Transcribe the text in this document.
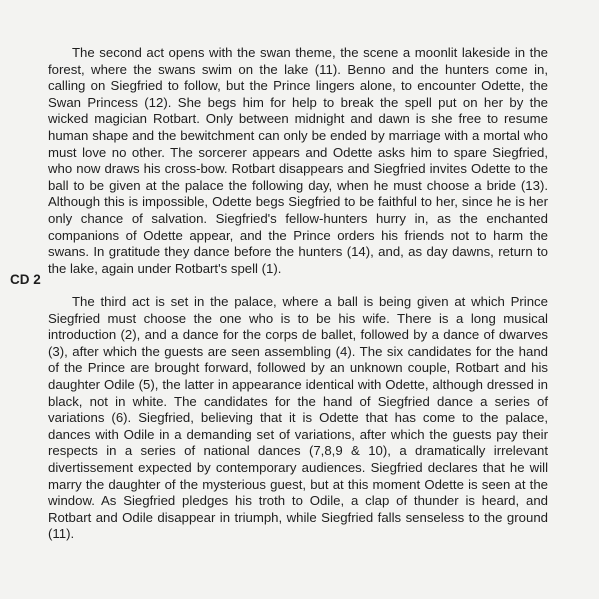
The second act opens with the swan theme, the scene a moonlit lakeside in the forest, where the swans swim on the lake (11). Benno and the hunters come in, calling on Siegfried to follow, but the Prince lingers alone, to encounter Odette, the Swan Princess (12). She begs him for help to break the spell put on her by the wicked magician Rotbart. Only between midnight and dawn is she free to resume human shape and the bewitchment can only be ended by marriage with a mortal who must love no other. The sorcerer appears and Odette asks him to spare Siegfried, who now draws his cross-bow. Rotbart disappears and Siegfried invites Odette to the ball to be given at the palace the following day, when he must choose a bride (13). Although this is impossible, Odette begs Siegfried to be faithful to her, since he is her only chance of salvation. Siegfried's fellow-hunters hurry in, as the enchanted companions of Odette appear, and the Prince orders his friends not to harm the swans. In gratitude they dance before the hunters (14), and, as day dawns, return to the lake, again under Rotbart's spell (1).

CD 2

The third act is set in the palace, where a ball is being given at which Prince Siegfried must choose the one who is to be his wife. There is a long musical introduction (2), and a dance for the corps de ballet, followed by a dance of dwarves (3), after which the guests are seen assembling (4). The six candidates for the hand of the Prince are brought forward, followed by an unknown couple, Rotbart and his daughter Odile (5), the latter in appearance identical with Odette, although dressed in black, not in white. The candidates for the hand of Siegfried dance a series of variations (6). Siegfried, believing that it is Odette that has come to the palace, dances with Odile in a demanding set of variations, after which the guests pay their respects in a series of national dances (7,8,9 & 10), a dramatically irrelevant divertissement expected by contemporary audiences. Siegfried declares that he will marry the daughter of the mysterious guest, but at this moment Odette is seen at the window. As Siegfried pledges his troth to Odile, a clap of thunder is heard, and Rotbart and Odile disappear in triumph, while Siegfried falls senseless to the ground (11).
